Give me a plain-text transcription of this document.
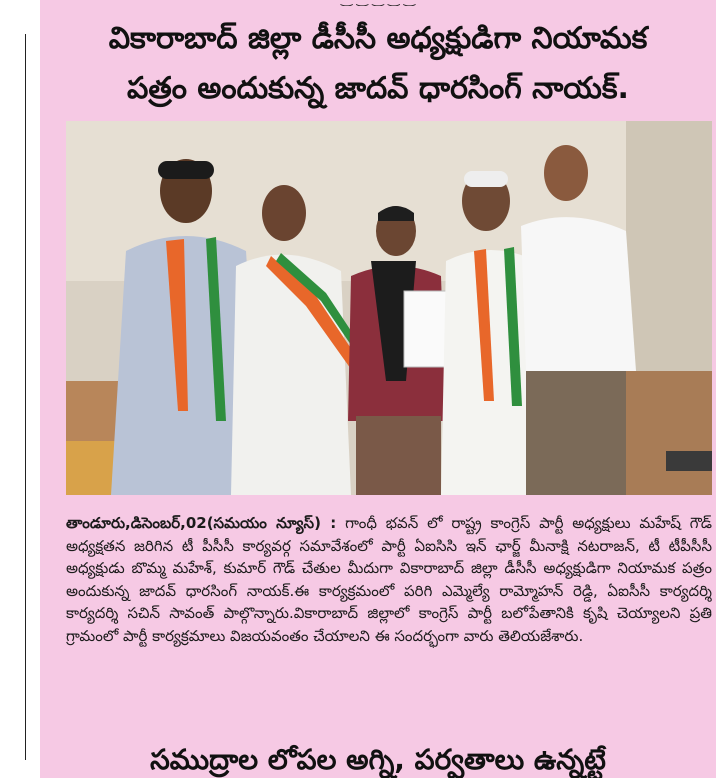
వికారాబాద్ జిల్లా డీసీసీ అధ్యక్షుడిగా నియామక
పత్రం అందుకున్న జాదవ్ ధారసింగ్ నాయక్.

తాండూరు,డిసెంబర్,02(సమయం న్యూస్) : గాంధీ భవన్ లో రాష్ట్ర కాంగ్రెస్ పార్టీ అధ్యక్షులు మహేష్ గౌడ్ అధ్యక్షతన జరిగిన టీ పీసీసీ కార్యవర్గ సమావేశంలో పార్టీ ఏఐసిసి ఇన్ ఛార్జ్ మీనాక్షి నటరాజన్, టీ టీపీసీసీ అధ్యక్షుడు బొమ్మ మహేశ్, కుమార్ గౌడ్ చేతుల మీదుగా వికారాబాద్ జిల్లా డీసీసీ అధ్యక్షుడిగా నియామక పత్రం అందుకున్న జాదవ్ ధారసింగ్ నాయక్.ఈ కార్యక్రమంలో పరిగి ఎమ్మెల్యే రామ్మోహన్ రెడ్డి, ఏఐసీసీ కార్యదర్శి కార్యదర్శి సచిన్ సావంత్ పాల్గొన్నారు.వికారాబాద్ జిల్లాలో కాంగ్రెస్ పార్టీ బలోపేతానికి కృషి చెయ్యాలని ప్రతి గ్రామంలో పార్టీ కార్యక్రమాలు విజయవంతం చేయాలని ఈ సందర్భంగా వారు తెలియజేశారు.

సముద్రాల లోపల అగ్ని, పర్వతాలు ఉన్నట్టే
